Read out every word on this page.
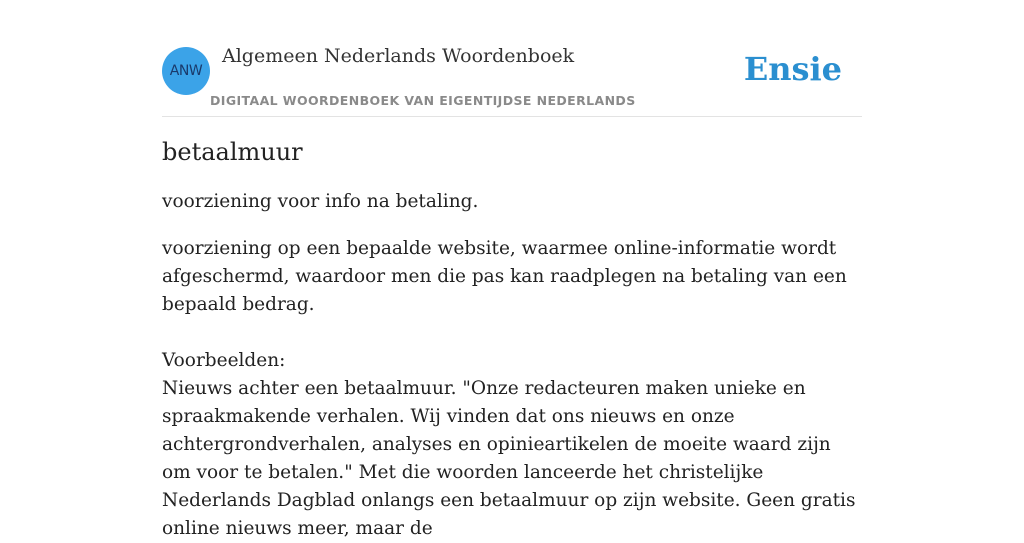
ANW
Algemeen Nederlands Woordenboek
DIGITAAL WOORDENBOEK VAN EIGENTIJDSE NEDERLANDS
Ensie
betaalmuur

voorziening voor info na betaling.

voorziening op een bepaalde website, waarmee online-informatie wordt afgeschermd, waardoor men die pas kan raadplegen na betaling van een bepaald bedrag.

Voorbeelden:
Nieuws achter een betaalmuur. "Onze redacteuren maken unieke en spraakmakende verhalen. Wij vinden dat ons nieuws en onze achtergrondverhalen, analyses en opinieartikelen de moeite waard zijn om voor te betalen." Met die woorden lanceerde het christelijke Nederlands Dagblad onlangs een betaalmuur op zijn website. Geen gratis online nieuws meer, maar de
